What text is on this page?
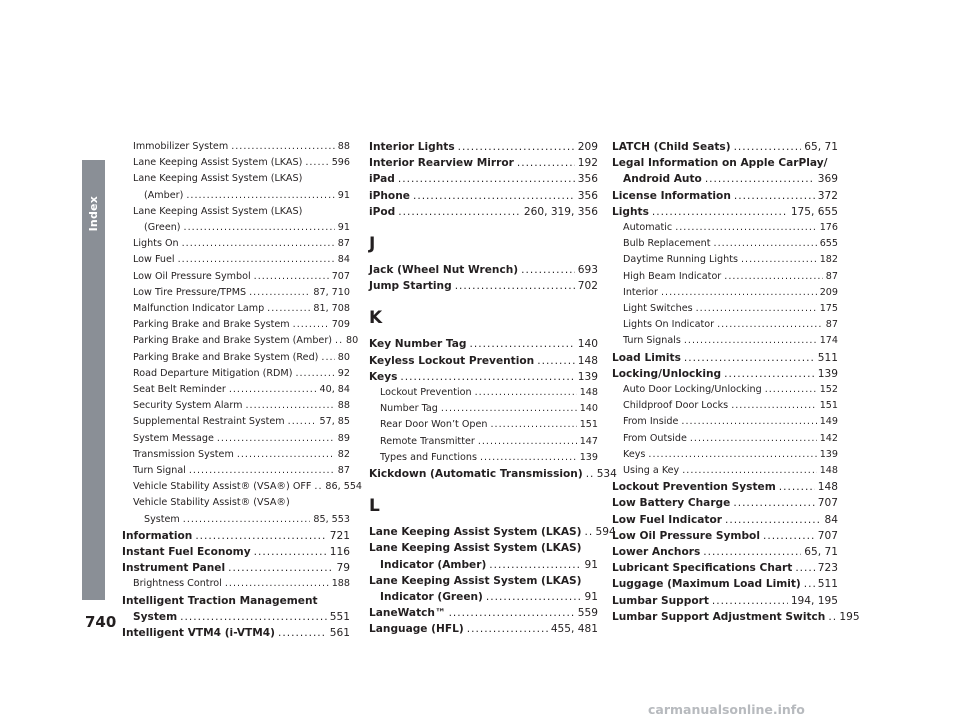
Index
Immobilizer System .....	88
Lane Keeping Assist System (LKAS) .....	596
Lane Keeping Assist System (LKAS)
(Amber) .....	91
Lane Keeping Assist System (LKAS)
(Green) .....	91
Lights On .....	87
Low Fuel .....	84
Low Oil Pressure Symbol .....	707
Low Tire Pressure/TPMS .....	87, 710
Malfunction Indicator Lamp .....	81, 708
Parking Brake and Brake System .....	709
Parking Brake and Brake System (Amber) ..... 80
Parking Brake and Brake System (Red) ..... 80
Road Departure Mitigation (RDM) .....	92
Seat Belt Reminder .....	40, 84
Security System Alarm .....	88
Supplemental Restraint System .....	57, 85
System Message .....	89
Transmission System .....	82
Turn Signal .....	87
Vehicle Stability Assist® (VSA®) OFF ..... 86, 554
Vehicle Stability Assist® (VSA®)
System .....	85, 553
Information .....	721
Instant Fuel Economy .....	116
Instrument Panel .....	79
Brightness Control .....	188
Intelligent Traction Management
System .....	551
Intelligent VTM4 (i-VTM4) .....	561
Interior Lights .....	209
Interior Rearview Mirror .....	192
iPad .....	356
iPhone .....	356
iPod .....	260, 319, 356
J
Jack (Wheel Nut Wrench) .....	693
Jump Starting .....	702
K
Key Number Tag .....	140
Keyless Lockout Prevention .....	148
Keys .....	139
Lockout Prevention .....	148
Number Tag .....	140
Rear Door Won’t Open .....	151
Remote Transmitter .....	147
Types and Functions .....	139
Kickdown (Automatic Transmission) ..... 534
L
Lane Keeping Assist System (LKAS) ..... 594
Lane Keeping Assist System (LKAS)
Indicator (Amber) .....	91
Lane Keeping Assist System (LKAS)
Indicator (Green) .....	91
LaneWatch™ .....	559
Language (HFL) .....	455, 481
LATCH (Child Seats) .....	65, 71
Legal Information on Apple CarPlay/
Android Auto .....	369
License Information .....	372
Lights .....	175, 655
Automatic .....	176
Bulb Replacement .....	655
Daytime Running Lights .....	182
High Beam Indicator .....	87
Interior .....	209
Light Switches .....	175
Lights On Indicator .....	87
Turn Signals .....	174
Load Limits .....	511
Locking/Unlocking .....	139
Auto Door Locking/Unlocking .....	152
Childproof Door Locks .....	151
From Inside .....	149
From Outside .....	142
Keys .....	139
Using a Key .....	148
Lockout Prevention System .....	148
Low Battery Charge .....	707
Low Fuel Indicator .....	84
Low Oil Pressure Symbol .....	707
Lower Anchors .....	65, 71
Lubricant Specifications Chart ..... 723
Luggage (Maximum Load Limit) ..... 511
Lumbar Support .....	194, 195
Lumbar Support Adjustment Switch ..... 195
740
carmanualsonline.info
